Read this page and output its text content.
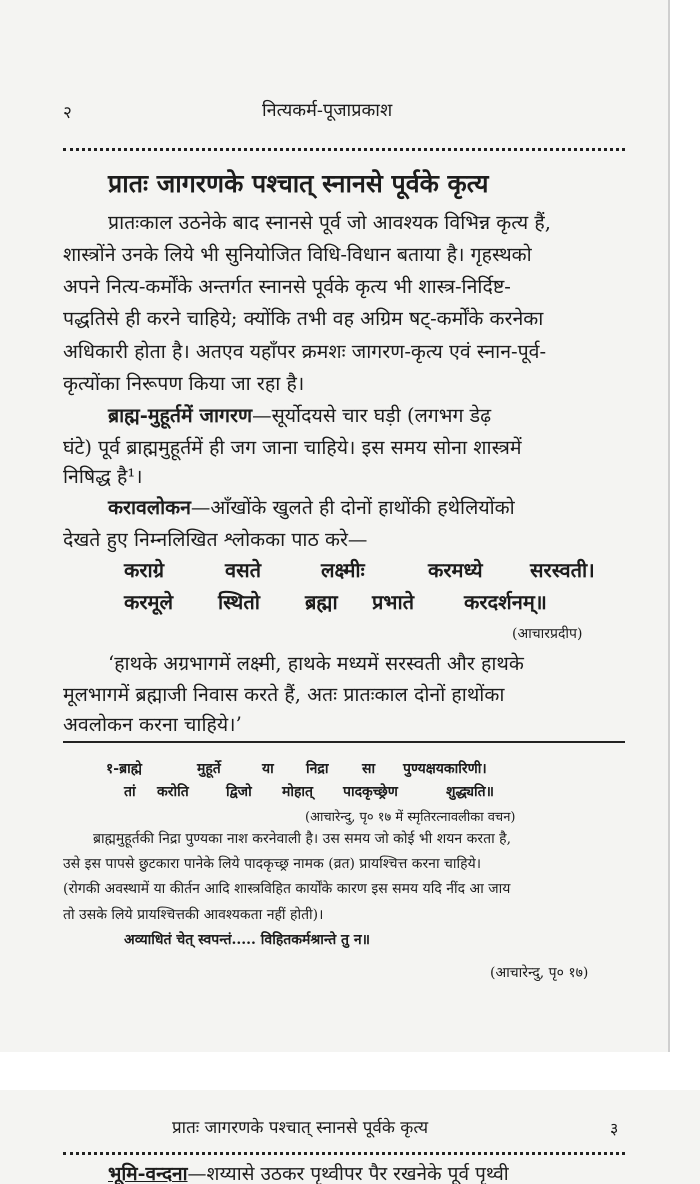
२	नित्यकर्म-पूजाप्रकाश
प्रातः जागरणके पश्चात् स्नानसे पूर्वके कृत्य
प्रातःकाल उठनेके बाद स्नानसे पूर्व जो आवश्यक विभिन्न कृत्य हैं,
शास्त्रोंने उनके लिये भी सुनियोजित विधि-विधान बताया है। गृहस्थको
अपने नित्य-कर्मोंके अन्तर्गत स्नानसे पूर्वके कृत्य भी शास्त्र-निर्दिष्ट-
पद्धतिसे ही करने चाहिये; क्योंकि तभी वह अग्रिम षट्-कर्मोंके करनेका
अधिकारी होता है। अतएव यहाँपर क्रमशः जागरण-कृत्य एवं स्नान-पूर्व-
कृत्योंका निरूपण किया जा रहा है।
ब्राह्म-मुहूर्तमें जागरण—सूर्योदयसे चार घड़ी (लगभग डेढ़
घंटे) पूर्व ब्राह्ममुहूर्तमें ही जग जाना चाहिये। इस समय सोना शास्त्रमें
निषिद्ध है¹।
करावलोकन—आँखोंके खुलते ही दोनों हाथोंकी हथेलियोंको
देखते हुए निम्नलिखित श्लोकका पाठ करे—
कराग्रे	वसते	लक्ष्मीः	करमध्ये सरस्वती।
करमूले स्थितो ब्रह्मा प्रभाते करदर्शनम्॥
(आचारप्रदीप)
‘हाथके अग्रभागमें लक्ष्मी, हाथके मध्यमें सरस्वती और हाथके
मूलभागमें ब्रह्माजी निवास करते हैं, अतः प्रातःकाल दोनों हाथोंका
अवलोकन करना चाहिये।’
१-ब्राह्मे	मुहूर्ते	या निद्रा सा पुण्यक्षयकारिणी।
तां करोति	द्विजो मोहात् पादकृच्छ्रेण	शुद्ध्यति॥
(आचारेन्दु, पृ० १७ में स्मृतिरत्नावलीका वचन)
ब्राह्ममुहूर्तकी निद्रा पुण्यका नाश करनेवाली है। उस समय जो कोई भी शयन करता है,
उसे इस पापसे छुटकारा पानेके लिये पादकृच्छ्र नामक (व्रत) प्रायश्चित्त करना चाहिये।
(रोगकी अवस्थामें या कीर्तन आदि शास्त्रविहित कार्योंके कारण इस समय यदि नींद आ जाय
तो उसके लिये प्रायश्चित्तकी आवश्यकता नहीं होती)।
अव्याधितं चेत् स्वपन्तं..... विहितकर्मश्रान्ते तु न॥
(आचारेन्दु, पृ० १७)
प्रातः जागरणके पश्चात् स्नानसे पूर्वके कृत्य	३
भूमि-वन्दना—शय्यासे उठकर पृथ्वीपर पैर रखनेके पूर्व पृथ्वी
